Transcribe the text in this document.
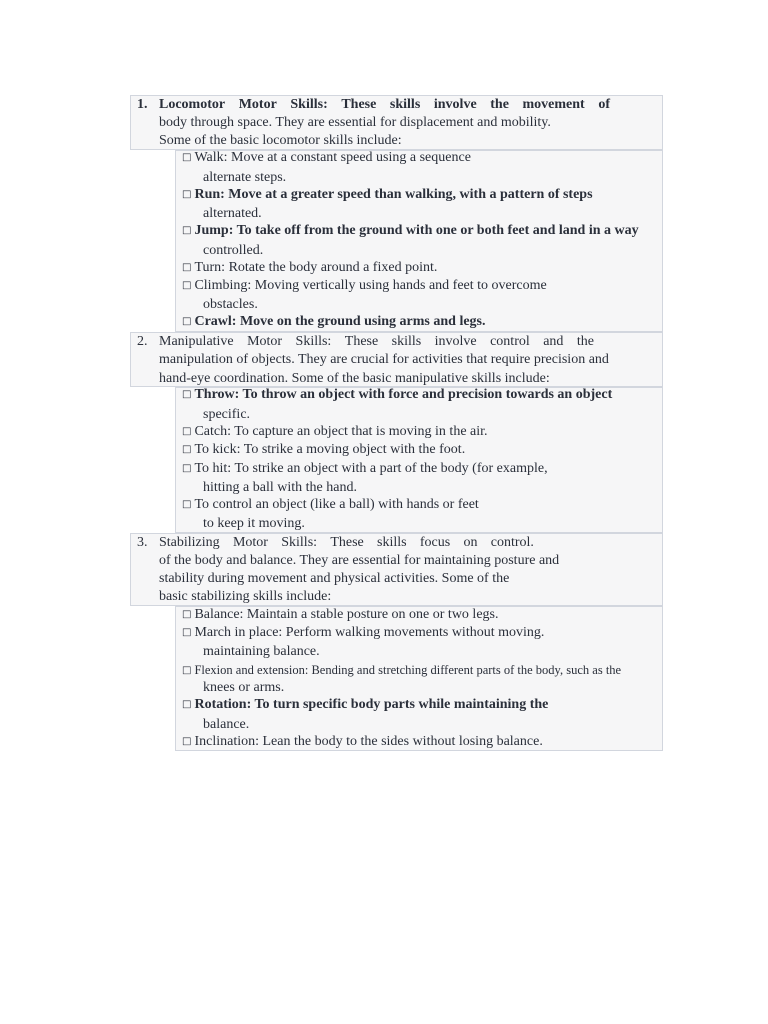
1. Locomotor Motor Skills: These skills involve the movement of
body through space. They are essential for displacement and mobility.
Some of the basic locomotor skills include:
□ Walk: Move at a constant speed using a sequence
alternate steps.
□ Run: Move at a greater speed than walking, with a pattern of steps
alternated.
□ Jump: To take off from the ground with one or both feet and land in a way
controlled.
□ Turn: Rotate the body around a fixed point.
□ Climbing: Moving vertically using hands and feet to overcome
obstacles.
□ Crawl: Move on the ground using arms and legs.
2. Manipulative Motor Skills: These skills involve control and the
manipulation of objects. They are crucial for activities that require precision and
hand-eye coordination. Some of the basic manipulative skills include:
□ Throw: To throw an object with force and precision towards an object
specific.
□ Catch: To capture an object that is moving in the air.
□ To kick: To strike a moving object with the foot.
□ To hit: To strike an object with a part of the body (for example,
hitting a ball with the hand.
□ To control an object (like a ball) with hands or feet
to keep it moving.
3. Stabilizing Motor Skills: These skills focus on control.
of the body and balance. They are essential for maintaining posture and
stability during movement and physical activities. Some of the
basic stabilizing skills include:
□ Balance: Maintain a stable posture on one or two legs.
□ March in place: Perform walking movements without moving.
maintaining balance.
□ Flexion and extension: Bending and stretching different parts of the body, such as the
knees or arms.
□ Rotation: To turn specific body parts while maintaining the
balance.
□ Inclination: Lean the body to the sides without losing balance.
